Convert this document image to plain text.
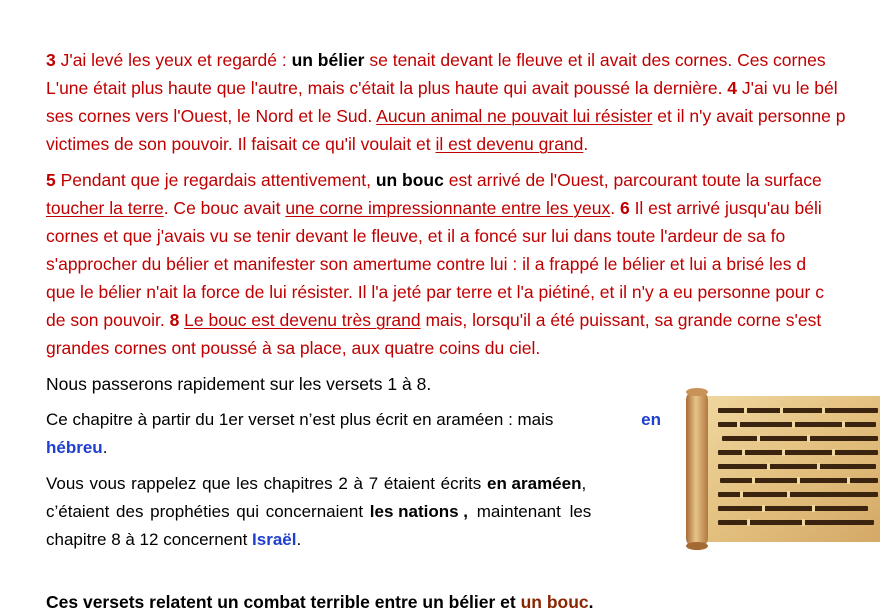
3 J'ai levé les yeux et regardé : un bélier se tenait devant le fleuve et il avait des cornes. Ces cornes
L'une était plus haute que l'autre, mais c'était la plus haute qui avait poussé la dernière. 4 J'ai vu le bél
ses cornes vers l'Ouest, le Nord et le Sud. Aucun animal ne pouvait lui résister et il n'y avait personne p
victimes de son pouvoir. Il faisait ce qu'il voulait et il est devenu grand.
5 Pendant que je regardais attentivement, un bouc est arrivé de l'Ouest, parcourant toute la surface
toucher la terre. Ce bouc avait une corne impressionnante entre les yeux. 6 Il est arrivé jusqu'au béli
cornes et que j'avais vu se tenir devant le fleuve, et il a foncé sur lui dans toute l'ardeur de sa fo
s'approcher du bélier et manifester son amertume contre lui : il a frappé le bélier et lui a brisé les d
que le bélier n'ait la force de lui résister. Il l'a jeté par terre et l'a piétiné, et il n'y a eu personne pour c
de son pouvoir. 8 Le bouc est devenu très grand mais, lorsqu'il a été puissant, sa grande corne s'est
grandes cornes ont poussé à sa place, aux quatre coins du ciel.
Nous passerons rapidement sur les versets 1 à 8.
Ce chapitre à partir du 1er verset n’est plus écrit en araméen : mais	en
hébreu.
Vous vous rappelez que les chapitres 2 à 7 étaient écrits en araméen,
c’étaient des prophéties qui concernaient les nations , maintenant les
chapitre 8 à 12 concernent Israël.
Ces versets relatent un combat terrible entre un bélier et un bouc.
